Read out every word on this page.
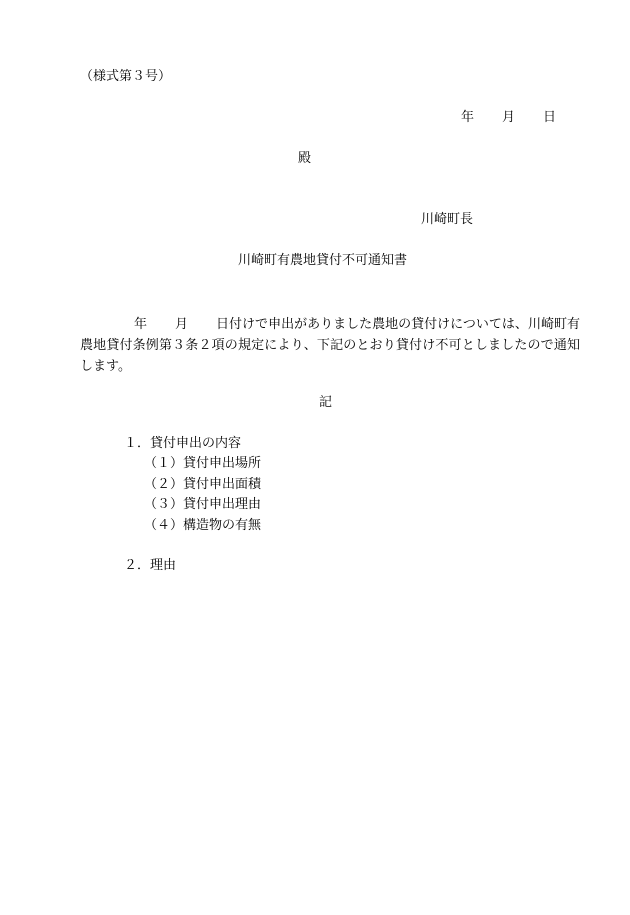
（様式第３号）
年 月 日
殿
川崎町長
川崎町有農地貸付不可通知書
年 月 日付けで申出がありました農地の貸付けについては、川崎町有農地貸付条例第３条２項の規定により、下記のとおり貸付け不可としましたので通知します。
記
１．貸付申出の内容
（１）貸付申出場所
（２）貸付申出面積
（３）貸付申出理由
（４）構造物の有無
２．理由
